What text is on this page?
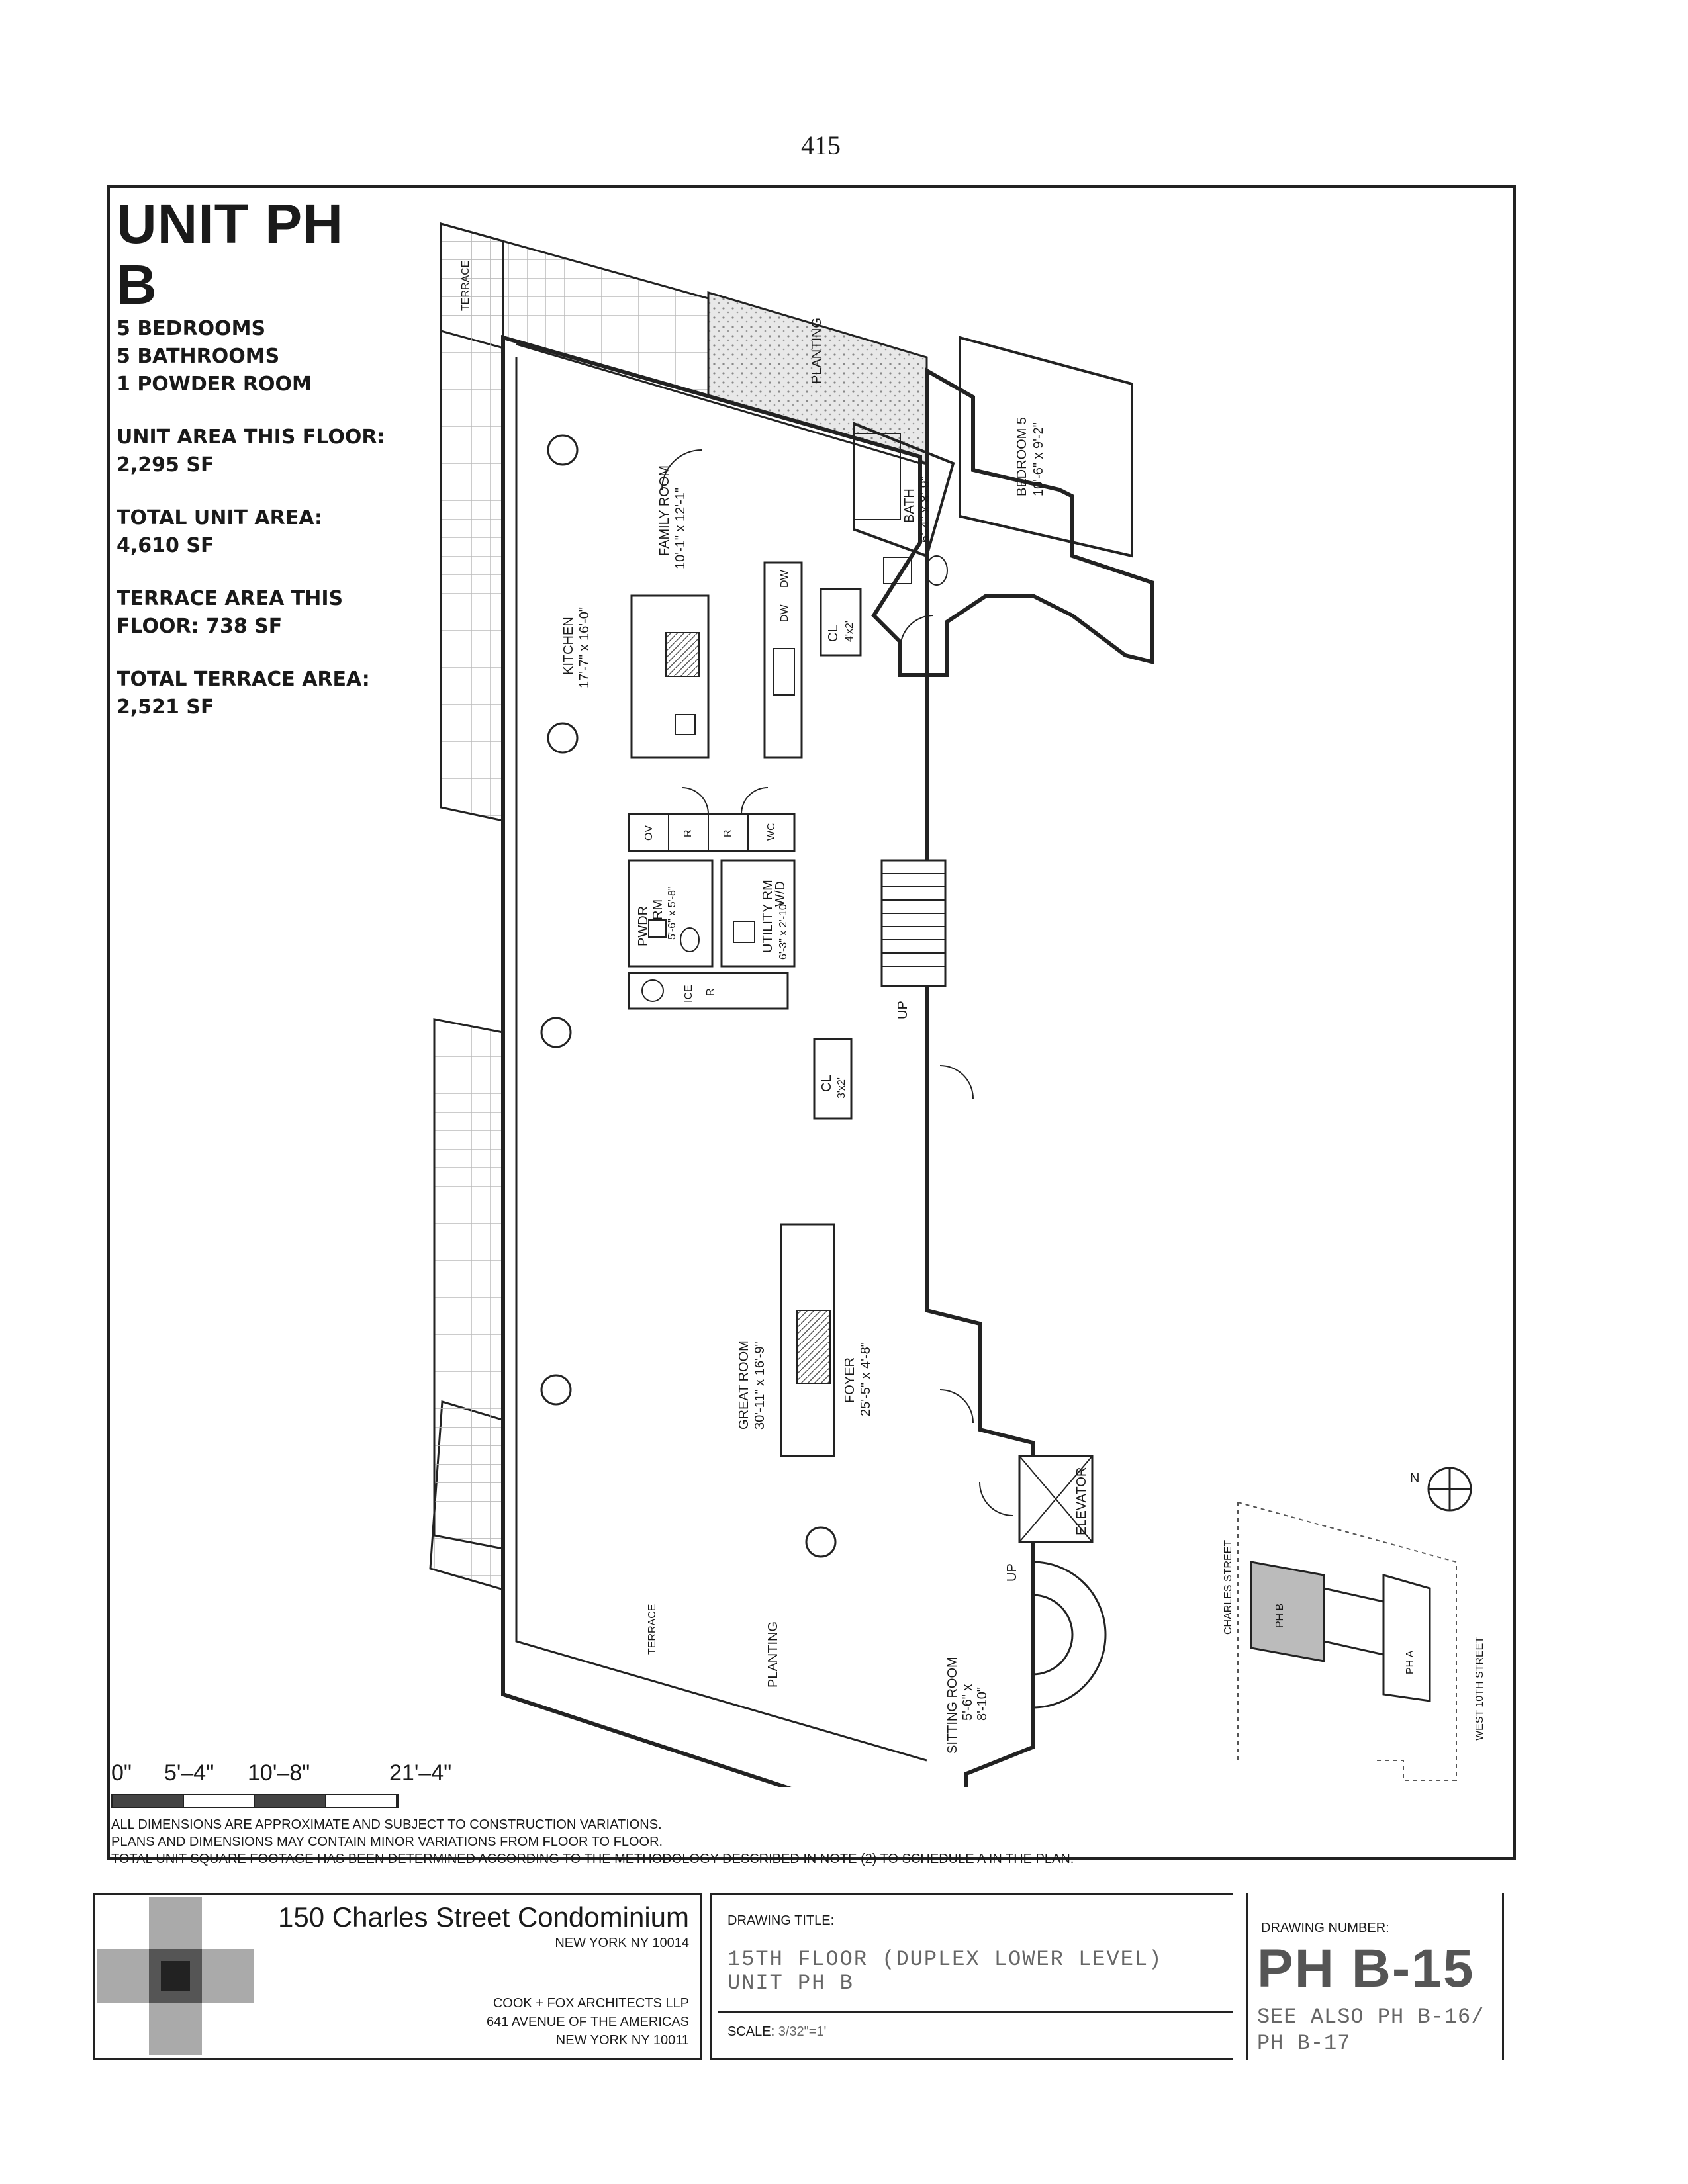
415
UNIT PH B
5 BEDROOMS
5 BATHROOMS
1 POWDER ROOM
UNIT AREA THIS FLOOR:
2,295 SF
TOTAL UNIT AREA:
4,610 SF
TERRACE AREA THIS
FLOOR: 738 SF
TOTAL TERRACE AREA:
2,521 SF
BEDROOM 5 10'-6" x 9'-2"
BATH 6'-4" x 8'-9"
FAMILY ROOM 10'-1" x 12'-1"
KITCHEN 17'-7" x 16'-0"
DW
DW
CL 4'x2'
OV	R	R	WC
PWDR RM 5'-6" x 5'-8"	UTILITY RM 6'-3" x 2'-10"
W/D
ICE R
UP
CL 3'x2'
GREAT ROOM 30'-11" x 16'-9"	FOYER 25'-5" x 4'-8"
ELEVATOR
UP
TERRACE
PLANTING
TERRACE	PLANTING
SITTING ROOM 5'-6" x 8'-10"
N
PH B
PH A
CHARLES STREET
WEST 10TH STREET
0" 5'–4" 10'–8"	21'–4"
ALL DIMENSIONS ARE APPROXIMATE AND SUBJECT TO CONSTRUCTION VARIATIONS.
PLANS AND DIMENSIONS MAY CONTAIN MINOR VARIATIONS FROM FLOOR TO FLOOR.
TOTAL UNIT SQUARE FOOTAGE HAS BEEN DETERMINED ACCORDING TO THE METHODOLOGY DESCRIBED IN NOTE (2) TO SCHEDULE A IN THE PLAN.
150 Charles Street Condominium
NEW YORK NY 10014
COOK + FOX ARCHITECTS LLP
641 AVENUE OF THE AMERICAS
NEW YORK NY 10011
DRAWING TITLE:
15TH FLOOR (DUPLEX LOWER LEVEL)
UNIT PH B
SCALE: 3/32"=1'
DRAWING NUMBER:
PH B-15
SEE ALSO PH B-16/
PH B-17
